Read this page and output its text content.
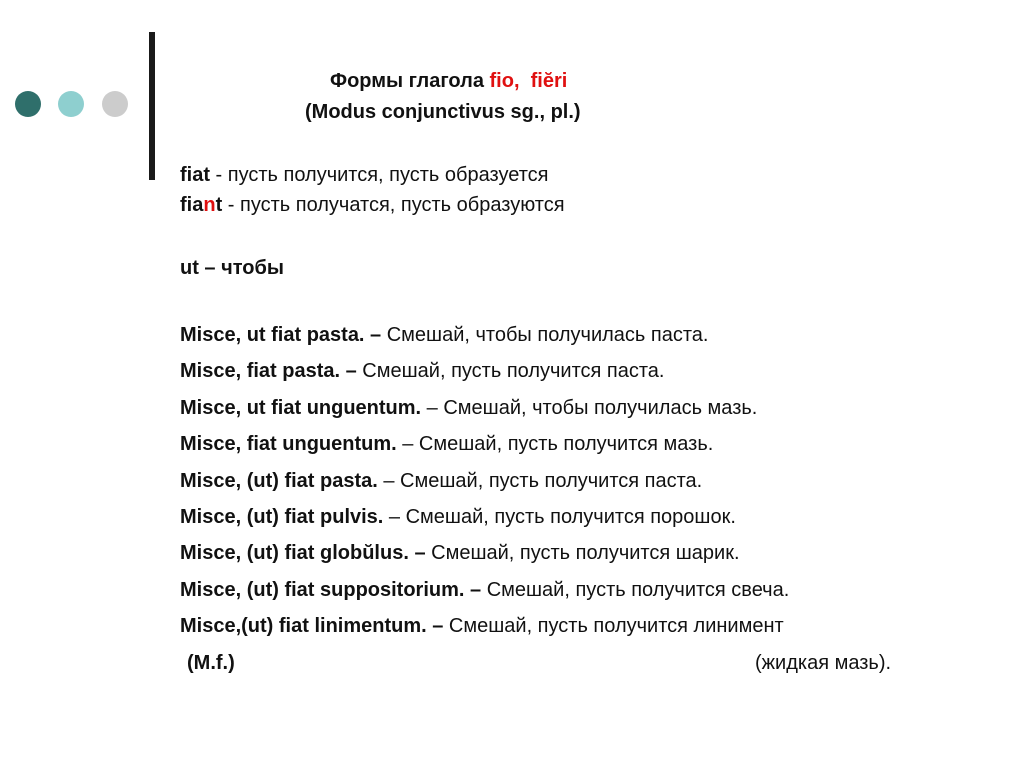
Формы глагола fio, fiĕri
(Modus conjunctivus sg., pl.)
fiat - пусть получится, пусть образуется
fiant - пусть получатся, пусть образуются
ut – чтобы
Misce, ut fiat pasta. – Смешай, чтобы получилась паста.
Misce, fiat pasta. – Смешай, пусть получится паста.
Misce, ut fiat unguentum. – Смешай, чтобы получилась мазь.
Misce, fiat unguentum. – Смешай, пусть получится мазь.
Misce, (ut) fiat pasta. – Смешай, пусть получится паста.
Misce, (ut) fiat pulvis. – Смешай, пусть получится порошок.
Misce, (ut) fiat globŭlus. – Смешай, пусть получится шарик.
Misce, (ut) fiat suppositorium. – Смешай, пусть получится свеча.
Misce,(ut) fiat linimentum. – Смешай, пусть получится линимент
(M.f.)	(жидкая мазь).
